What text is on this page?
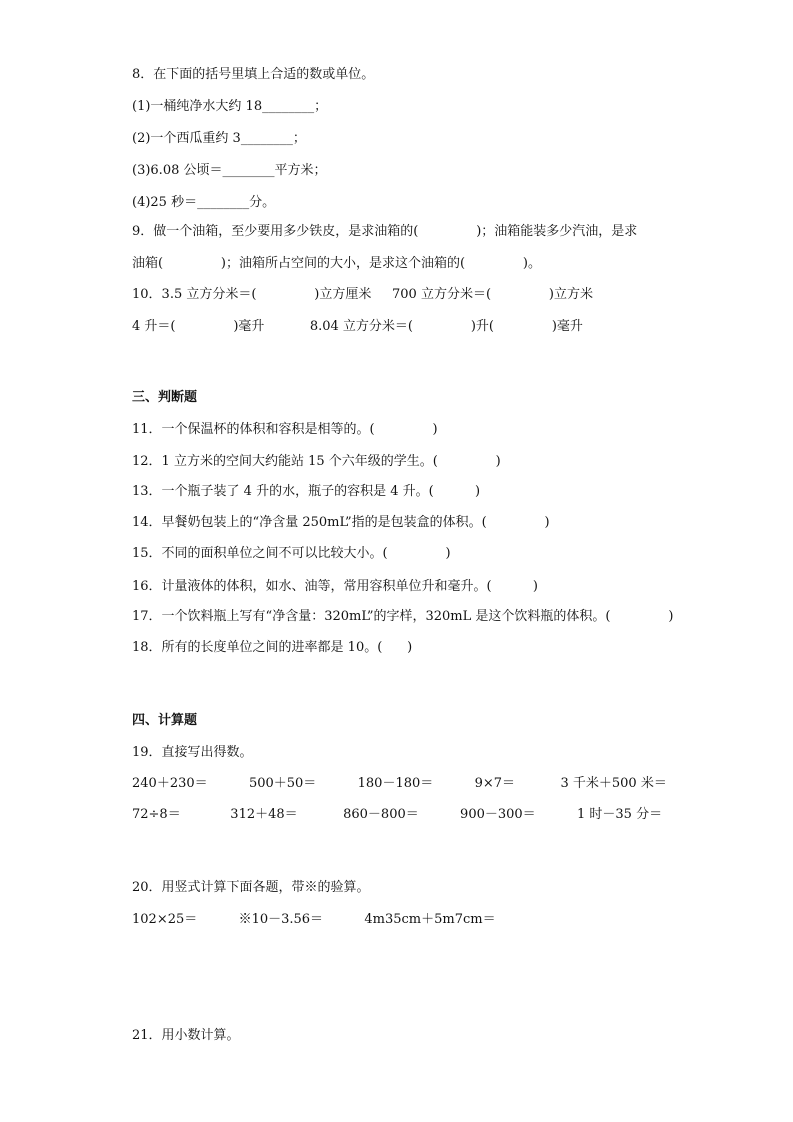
8．在下面的括号里填上合适的数或单位。
(1)一桶纯净水大约 18________；
(2)一个西瓜重约 3________；
(3)6.08 公顷＝________平方米；
(4)25 秒＝________分。
9．做一个油箱，至少要用多少铁皮，是求油箱的(              )；油箱能装多少汽油，是求
油箱(              )；油箱所占空间的大小，是求这个油箱的(              )。
10．3.5 立方分米＝(              )立方厘米     700 立方分米＝(              )立方米
4 升＝(              )毫升           8.04 立方分米＝(              )升(              )毫升
三、判断题
11．一个保温杯的体积和容积是相等的。(              )
12．1 立方米的空间大约能站 15 个六年级的学生。(              )
13．一个瓶子装了 4 升的水，瓶子的容积是 4 升。(          )
14．早餐奶包装上的“净含量 250mL”指的是包装盒的体积。(              )
15．不同的面积单位之间不可以比较大小。(              )
16．计量液体的体积，如水、油等，常用容积单位升和毫升。(          )
17．一个饮料瓶上写有“净含量：320mL”的字样，320mL 是这个饮料瓶的体积。(              )
18．所有的长度单位之间的进率都是 10。(      )
四、计算题
19．直接写出得数。
240＋230＝          500＋50＝          180－180＝          9×7＝           3 千米＋500 米＝
72÷8＝            312＋48＝           860－800＝          900－300＝          1 时－35 分＝
20．用竖式计算下面各题，带※的验算。
102×25＝          ※10－3.56＝          4m35cm＋5m7cm＝
21．用小数计算。
